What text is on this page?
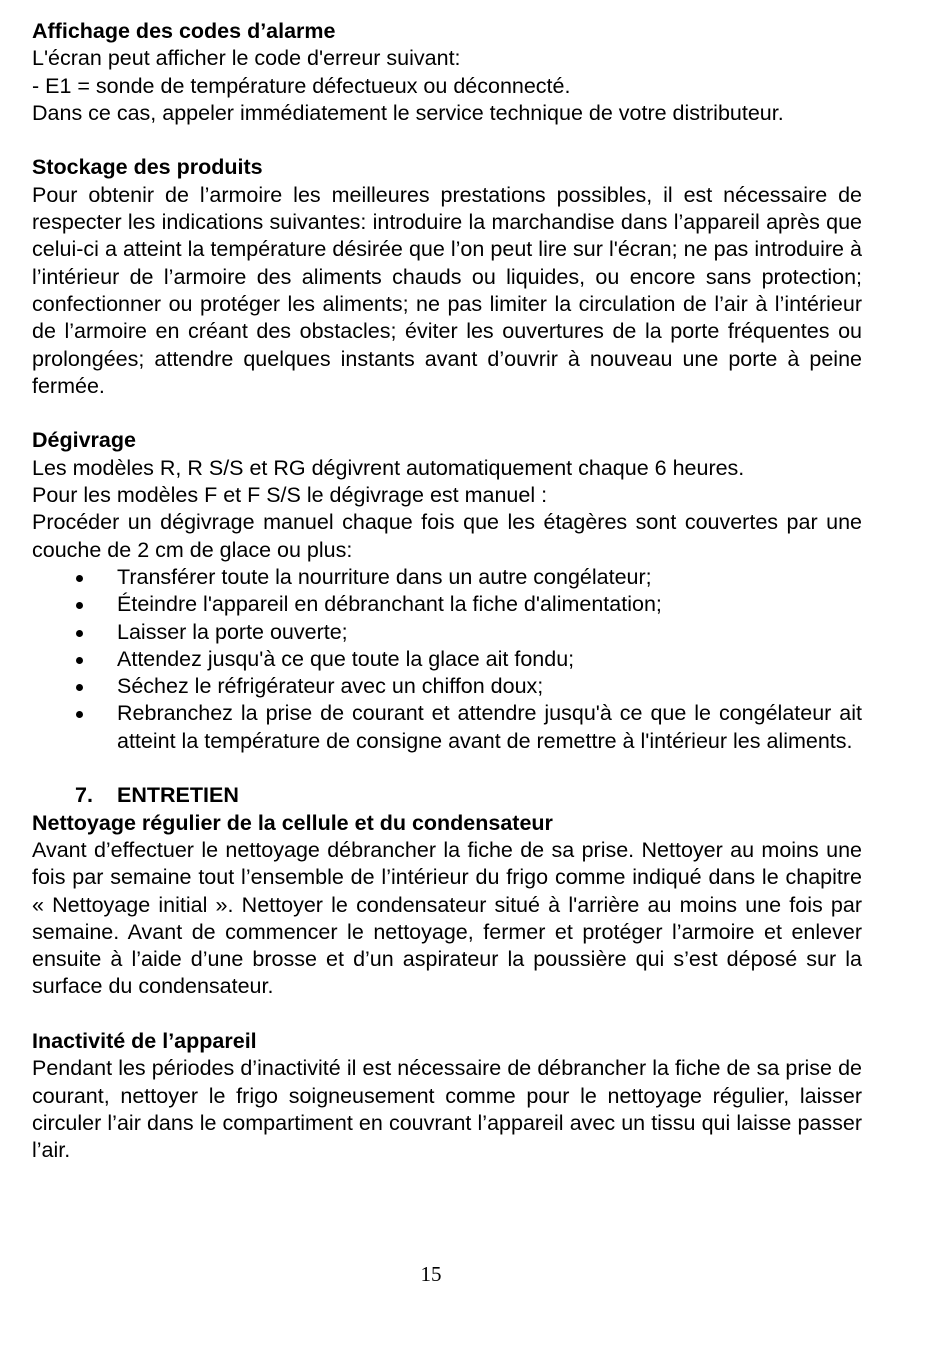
Affichage des codes d’alarme
L'écran peut afficher le code d'erreur suivant:
- E1 = sonde de température défectueux ou déconnecté.
Dans ce cas, appeler immédiatement le service technique de votre distributeur.
Stockage des produits
Pour obtenir de l’armoire les meilleures prestations possibles, il est nécessaire de respecter les indications suivantes: introduire la marchandise dans l’appareil après que celui-ci a atteint la température désirée que l’on peut lire sur l'écran; ne pas introduire à l’intérieur de l’armoire des aliments chauds ou liquides, ou encore sans protection; confectionner ou protéger les aliments; ne pas limiter la circulation de l’air à l’intérieur de l’armoire en créant des obstacles; éviter les ouvertures de la porte fréquentes ou prolongées; attendre quelques instants avant d’ouvrir à nouveau une porte à peine fermée.
Dégivrage
Les modèles R, R S/S et RG dégivrent automatiquement chaque 6 heures.
Pour les modèles F et F S/S le dégivrage est manuel :
Procéder un dégivrage manuel chaque fois que les étagères sont couvertes par une couche de 2 cm de glace ou plus:
Transférer toute la nourriture dans un autre congélateur;
Éteindre l'appareil en débranchant la fiche d'alimentation;
Laisser la porte ouverte;
Attendez jusqu'à ce que toute la glace ait fondu;
Séchez le réfrigérateur avec un chiffon doux;
Rebranchez la prise de courant et attendre jusqu'à ce que le congélateur ait atteint la température de consigne avant de remettre à l'intérieur les aliments.
7.	ENTRETIEN
Nettoyage régulier de la cellule et du condensateur
Avant d’effectuer le nettoyage débrancher la fiche de sa prise. Nettoyer au moins une fois par semaine tout l’ensemble de l’intérieur du frigo comme indiqué dans le chapitre « Nettoyage initial ». Nettoyer le condensateur situé à l'arrière au moins une fois par semaine. Avant de commencer le nettoyage, fermer et protéger l’armoire et enlever ensuite à l’aide d’une brosse et d’un aspirateur la poussière qui s’est déposé sur la surface du condensateur.
Inactivité de l’appareil
Pendant les périodes d’inactivité il est nécessaire de débrancher la fiche de sa prise de courant, nettoyer le frigo soigneusement comme pour le nettoyage régulier, laisser circuler l’air dans le compartiment en couvrant l’appareil avec un tissu qui laisse passer l’air.
15
